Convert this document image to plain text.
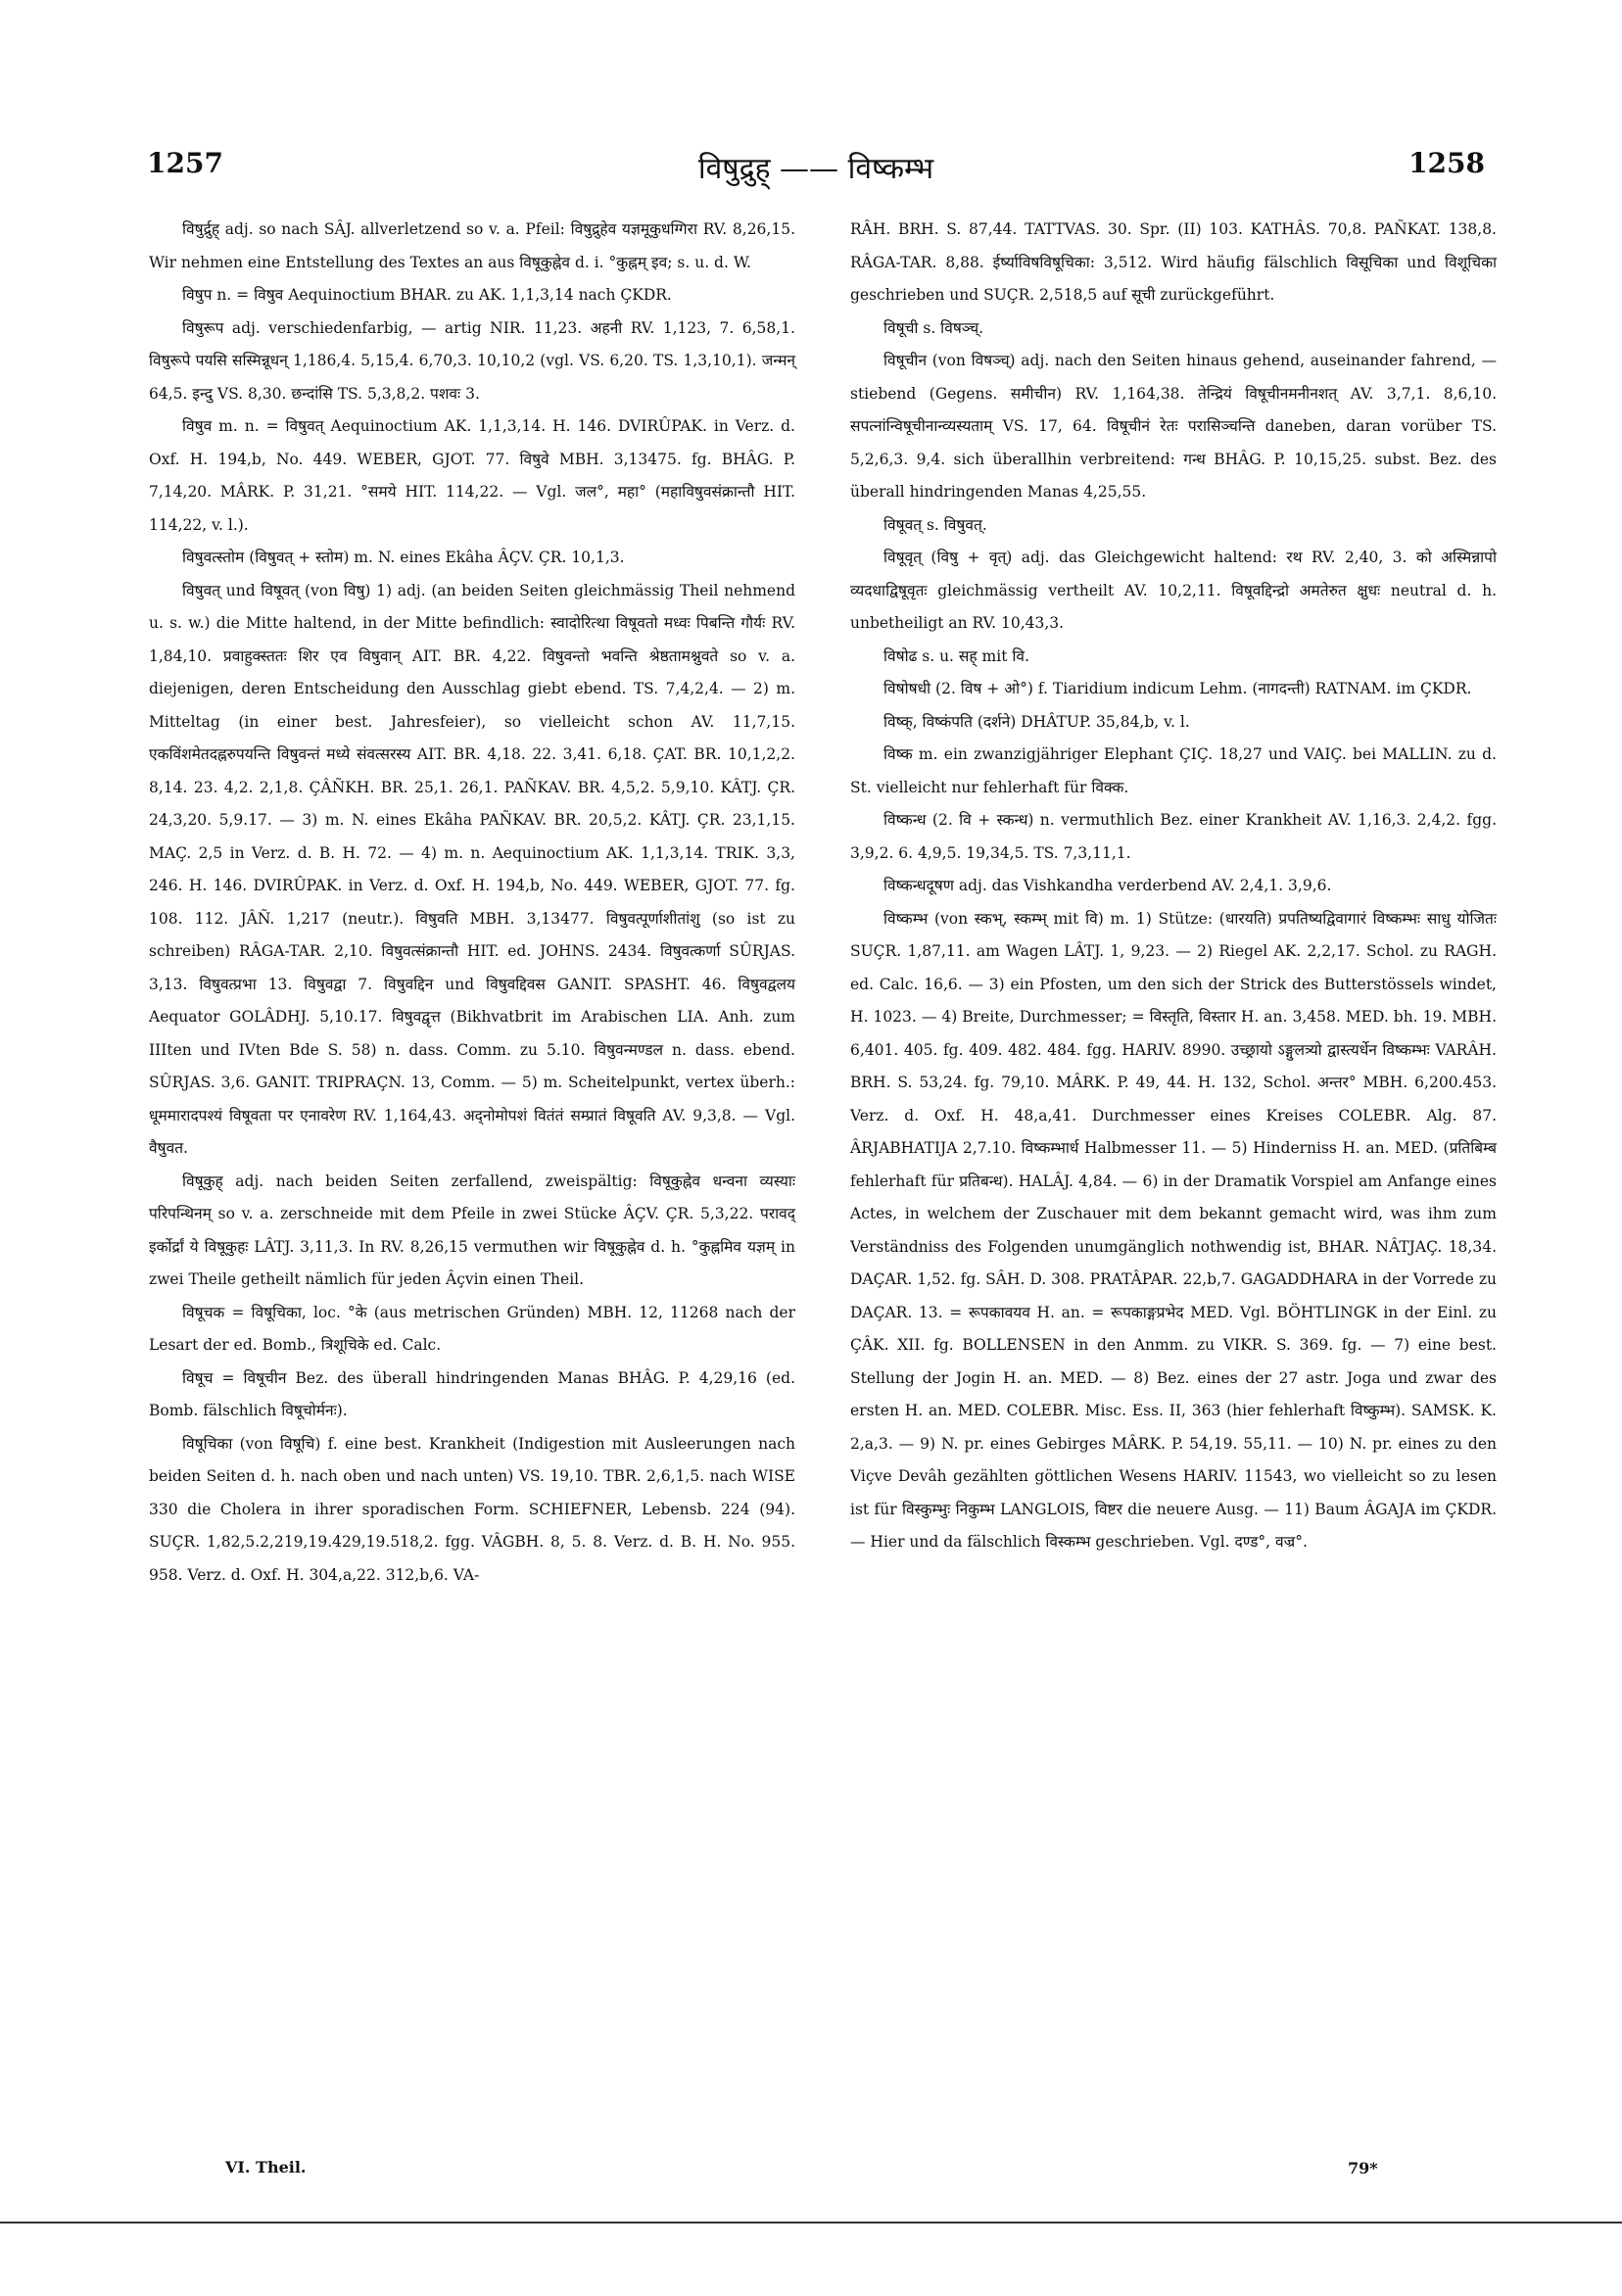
1257	विषुद्रुह् —— विष्कम्भ	1258

विषुर्द्रुह् adj. so nach SÂJ. allverletzend so v. a. Pfeil: विषुद्रुहेव यज्ञमूकुधग्गिरा RV. 8,26,15. Wir nehmen eine Entstellung des Textes an aus विषूकुह्नेव d. i. °कुह्नम् इव; s. u. d. W.

विषुप n. = विषुव Aequinoctium BHAR. zu AK. 1,1,3,14 nach ÇKDR.

विषुरूप adj. verschiedenfarbig, — artig NIR. 11,23. अहनी RV. 1,123, 7. 6,58,1. विषुरूपे पयसि सस्मिन्नूधन् 1,186,4. 5,15,4. 6,70,3. 10,10,2 (vgl. VS. 6,20. TS. 1,3,10,1). जन्मन् 64,5. इन्दु VS. 8,30. छन्दांसि TS. 5,3,8,2. पशवः 3.

विषुव m. n. = विषुवत् Aequinoctium AK. 1,1,3,14. H. 146. DVIRÛPAK. in Verz. d. Oxf. H. 194,b, No. 449. WEBER, GJOT. 77. विषुवे MBH. 3,13475. fg. BHÂG. P. 7,14,20. MÂRK. P. 31,21. °समये HIT. 114,22. — Vgl. जल°, महा° (महाविषुवसंक्रान्तौ HIT. 114,22, v. l.).

विषुवत्स्तोम (विषुवत् + स्तोम) m. N. eines Ekâha ÂÇV. ÇR. 10,1,3.

विषुवत् und विषूवत् (von विषु) 1) adj. (an beiden Seiten gleichmässig Theil nehmend u. s. w.) die Mitte haltend, in der Mitte befindlich: स्वादोरित्था विषूवतो मध्वः पिबन्ति गौर्यः RV. 1,84,10. प्रवाहुक्स्ततः शिर एव विषुवान् AIT. BR. 4,22. विषुवन्तो भवन्ति श्रेष्ठतामश्नुवते so v. a. diejenigen, deren Entscheidung den Ausschlag giebt ebend. TS. 7,4,2,4. — 2) m. Mitteltag (in einer best. Jahresfeier), so vielleicht schon AV. 11,7,15. एकविंशमेतदह्नरुपयन्ति विषुवन्तं मध्ये संवत्सरस्य AIT. BR. 4,18. 22. 3,41. 6,18. ÇAT. BR. 10,1,2,2. 8,14. 23. 4,2. 2,1,8. ÇÂÑKH. BR. 25,1. 26,1. PAÑKAV. BR. 4,5,2. 5,9,10. KÂTJ. ÇR. 24,3,20. 5,9.17. — 3) m. N. eines Ekâha PAÑKAV. BR. 20,5,2. KÂTJ. ÇR. 23,1,15. MAÇ. 2,5 in Verz. d. B. H. 72. — 4) m. n. Aequinoctium AK. 1,1,3,14. TRIK. 3,3, 246. H. 146. DVIRÛPAK. in Verz. d. Oxf. H. 194,b, No. 449. WEBER, GJOT. 77. fg. 108. 112. JÂÑ. 1,217 (neutr.). विषुवति MBH. 3,13477. विषुवत्पूर्णाशीतांशु (so ist zu schreiben) RÂGA-TAR. 2,10. विषुवत्संक्रान्तौ HIT. ed. JOHNS. 2434. विषुवत्कर्णा SÛRJAS. 3,13. विषुवत्प्रभा 13. विषुवद्वा 7. विषुवद्दिन und विषुवद्दिवस GANIT. SPASHT. 46. विषुवद्वलय Aequator GOLÂDHJ. 5,10.17. विषुवद्वृत्त (Bikhvatbrit im Arabischen LIA. Anh. zum IIIten und IVten Bde S. 58) n. dass. Comm. zu 5.10. विषुवन्मण्डल n. dass. ebend. SÛRJAS. 3,6. GANIT. TRIPRAÇN. 13, Comm. — 5) m. Scheitelpunkt, vertex überh.: धूममारादपश्यं विषूवता पर एनावरेण RV. 1,164,43. अद्नोमोपशं वितंतं सम्प्रातं विषूवति AV. 9,3,8. — Vgl. वैषुवत.

विषूकुह् adj. nach beiden Seiten zerfallend, zweispältig: विषूकुह्नेव धन्वना व्यस्याः परिपन्थिनम् so v. a. zerschneide mit dem Pfeile in zwei Stücke ÂÇV. ÇR. 5,3,22. परावद् इर्कोर्द्रां ये विषूकुहः LÂTJ. 3,11,3. In RV. 8,26,15 vermuthen wir विषूकुह्नेव d. h. °कुह्नमिव यज्ञम् in zwei Theile getheilt nämlich für jeden Âçvin einen Theil.

विषूचक = विषूचिका, loc. °के (aus metrischen Gründen) MBH. 12, 11268 nach der Lesart der ed. Bomb., त्रिशूचिके ed. Calc.

विषूच = विषूचीन Bez. des überall hindringenden Manas BHÂG. P. 4,29,16 (ed. Bomb. fälschlich विषूचोर्मनः).

विषूचिका (von विषूचि) f. eine best. Krankheit (Indigestion mit Ausleerungen nach beiden Seiten d. h. nach oben und nach unten) VS. 19,10. TBR. 2,6,1,5. nach WISE 330 die Cholera in ihrer sporadischen Form. SCHIEFNER, Lebensb. 224 (94). SUÇR. 1,82,5.2,219,19.429,19.518,2. fgg. VÂGBH. 8, 5. 8. Verz. d. B. H. No. 955. 958. Verz. d. Oxf. H. 304,a,22. 312,b,6. VA-

RÂH. BRH. S. 87,44. TATTVAS. 30. Spr. (II) 103. KATHÂS. 70,8. PAÑKAT. 138,8. RÂGA-TAR. 8,88. ईर्ष्याविषविषूचिका: 3,512. Wird häufig fälschlich विसूचिका und विशूचिका geschrieben und SUÇR. 2,518,5 auf सूची zurückgeführt.

विषूची s. विषञ्च्.

विषूचीन (von विषञ्च्) adj. nach den Seiten hinaus gehend, auseinander fahrend, — stiebend (Gegens. समीचीन) RV. 1,164,38. तेन्द्रियं विषूचीनमनीनशत् AV. 3,7,1. 8,6,10. सपत्नांन्विषूचीनान्व्यस्यताम् VS. 17, 64. विषूचीनं रेतः परासिञ्चन्ति daneben, daran vorüber TS. 5,2,6,3. 9,4. sich überallhin verbreitend: गन्ध BHÂG. P. 10,15,25. subst. Bez. des überall hindringenden Manas 4,25,55.

विषूवत् s. विषुवत्.

विषूवृत् (विषु + वृत्) adj. das Gleichgewicht haltend: रथ RV. 2,40, 3. को अस्मिन्नापो व्यदधाद्विषूवृतः gleichmässig vertheilt AV. 10,2,11. विषूवद्दिन्द्रो अमतेरुत क्षुधः neutral d. h. unbetheiligt an RV. 10,43,3.

विषोढ s. u. सह् mit वि.

विषोषधी (2. विष + ओ°) f. Tiaridium indicum Lehm. (नागदन्ती) RATNAM. im ÇKDR.

विष्क्, विष्कंपति (दर्शने) DHÂTUP. 35,84,b, v. l.

विष्क m. ein zwanzigjähriger Elephant ÇIÇ. 18,27 und VAIÇ. bei MALLIN. zu d. St. vielleicht nur fehlerhaft für विक्क.

विष्कन्ध (2. वि + स्कन्ध) n. vermuthlich Bez. einer Krankheit AV. 1,16,3. 2,4,2. fgg. 3,9,2. 6. 4,9,5. 19,34,5. TS. 7,3,11,1.

विष्कन्धदूषण adj. das Vishkandha verderbend AV. 2,4,1. 3,9,6.

विष्कम्भ (von स्कभ्, स्कम्भ् mit वि) m. 1) Stütze: (धारयति) प्रपतिष्यद्विवागारं विष्कम्भः साधु योजितः SUÇR. 1,87,11. am Wagen LÂTJ. 1, 9,23. — 2) Riegel AK. 2,2,17. Schol. zu RAGH. ed. Calc. 16,6. — 3) ein Pfosten, um den sich der Strick des Butterstössels windet, H. 1023. — 4) Breite, Durchmesser; = विस्तृति, विस्तार H. an. 3,458. MED. bh. 19. MBH. 6,401. 405. fg. 409. 482. 484. fgg. HARIV. 8990. उच्छ्रायो ऽङ्गुलत्र्यो द्वास्त्यर्धेन विष्कम्भः VARÂH. BRH. S. 53,24. fg. 79,10. MÂRK. P. 49, 44. H. 132, Schol. अन्तर° MBH. 6,200.453. Verz. d. Oxf. H. 48,a,41. Durchmesser eines Kreises COLEBR. Alg. 87. ÂRJABHATIJA 2,7.10. विष्कम्भार्ध Halbmesser 11. — 5) Hinderniss H. an. MED. (प्रतिबिम्ब fehlerhaft für प्रतिबन्ध). HALÂJ. 4,84. — 6) in der Dramatik Vorspiel am Anfange eines Actes, in welchem der Zuschauer mit dem bekannt gemacht wird, was ihm zum Verständniss des Folgenden unumgänglich nothwendig ist, BHAR. NÂTJAÇ. 18,34. DAÇAR. 1,52. fg. SÂH. D. 308. PRATÂPAR. 22,b,7. GAGADDHARA in der Vorrede zu DAÇAR. 13. = रूपकावयव H. an. = रूपकाङ्गप्रभेद MED. Vgl. BÖHTLINGK in der Einl. zu ÇÂK. XII. fg. BOLLENSEN in den Anmm. zu VIKR. S. 369. fg. — 7) eine best. Stellung der Jogin H. an. MED. — 8) Bez. eines der 27 astr. Joga und zwar des ersten H. an. MED. COLEBR. Misc. Ess. II, 363 (hier fehlerhaft विष्कुम्भ). SAMSK. K. 2,a,3. — 9) N. pr. eines Gebirges MÂRK. P. 54,19. 55,11. — 10) N. pr. eines zu den Viçve Devâh gezählten göttlichen Wesens HARIV. 11543, wo vielleicht so zu lesen ist für विस्कुम्भुः निकुम्भ LANGLOIS, विष्टर die neuere Ausg. — 11) Baum ÂGAJA im ÇKDR. — Hier und da fälschlich विस्कम्भ geschrieben. Vgl. दण्ड°, वज्र°.

VI. Theil.	79*
